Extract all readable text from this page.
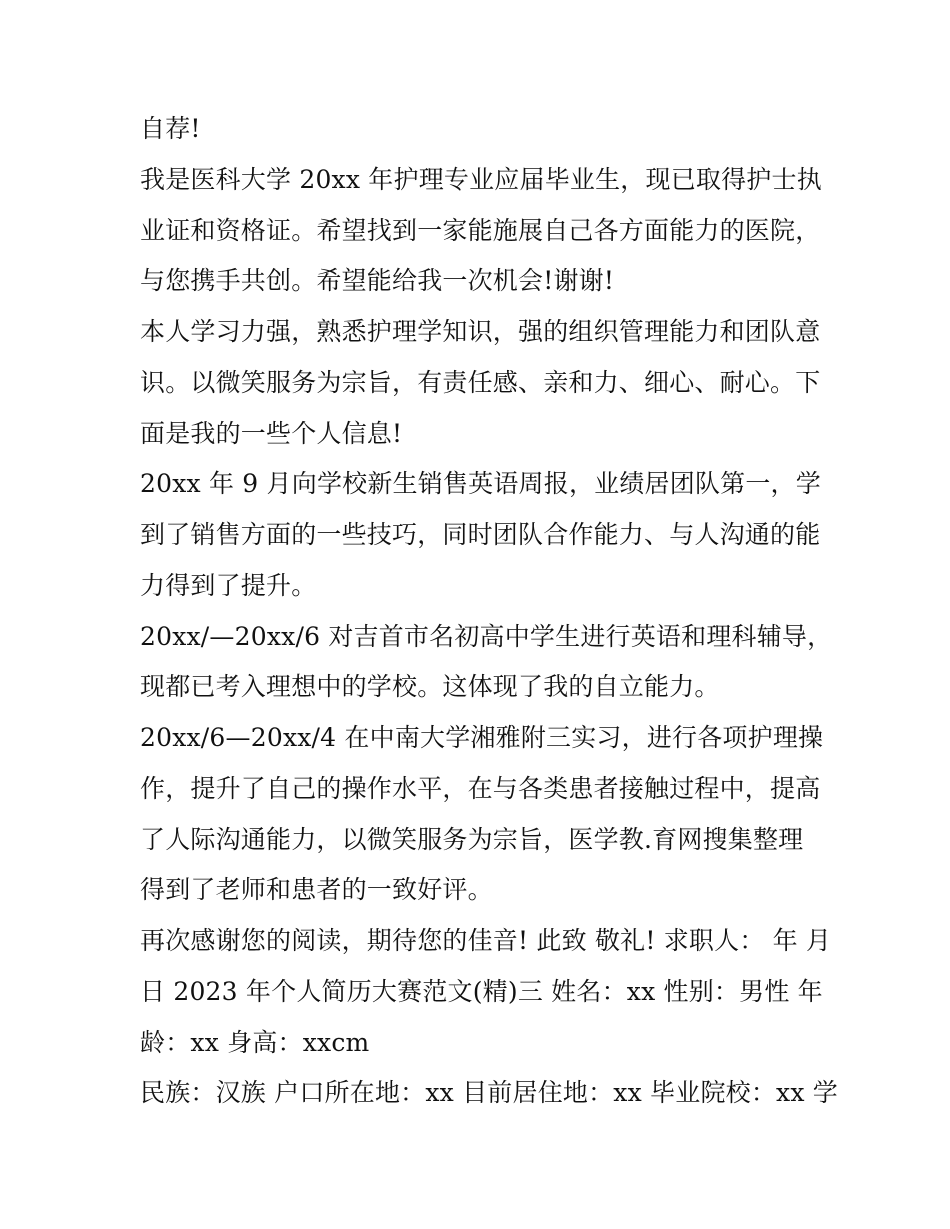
自荐!
我是医科大学 20xx 年护理专业应届毕业生，现已取得护士执
业证和资格证。希望找到一家能施展自己各方面能力的医院，
与您携手共创。希望能给我一次机会!谢谢!
本人学习力强，熟悉护理学知识，强的组织管理能力和团队意
识。以微笑服务为宗旨，有责任感、亲和力、细心、耐心。下
面是我的一些个人信息!
20xx 年 9 月向学校新生销售英语周报，业绩居团队第一，学
到了销售方面的一些技巧，同时团队合作能力、与人沟通的能
力得到了提升。
20xx/—20xx/6 对吉首市名初高中学生进行英语和理科辅导，
现都已考入理想中的学校。这体现了我的自立能力。
20xx/6—20xx/4 在中南大学湘雅附三实习，进行各项护理操
作，提升了自己的操作水平，在与各类患者接触过程中，提高
了人际沟通能力，以微笑服务为宗旨，医学教.育网搜集整理
得到了老师和患者的一致好评。
再次感谢您的阅读，期待您的佳音! 此致 敬礼! 求职人： 年 月
日 2023 年个人简历大赛范文(精)三 姓名：xx 性别：男性 年
龄：xx 身高：xxcm
民族：汉族 户口所在地：xx 目前居住地：xx 毕业院校：xx 学
